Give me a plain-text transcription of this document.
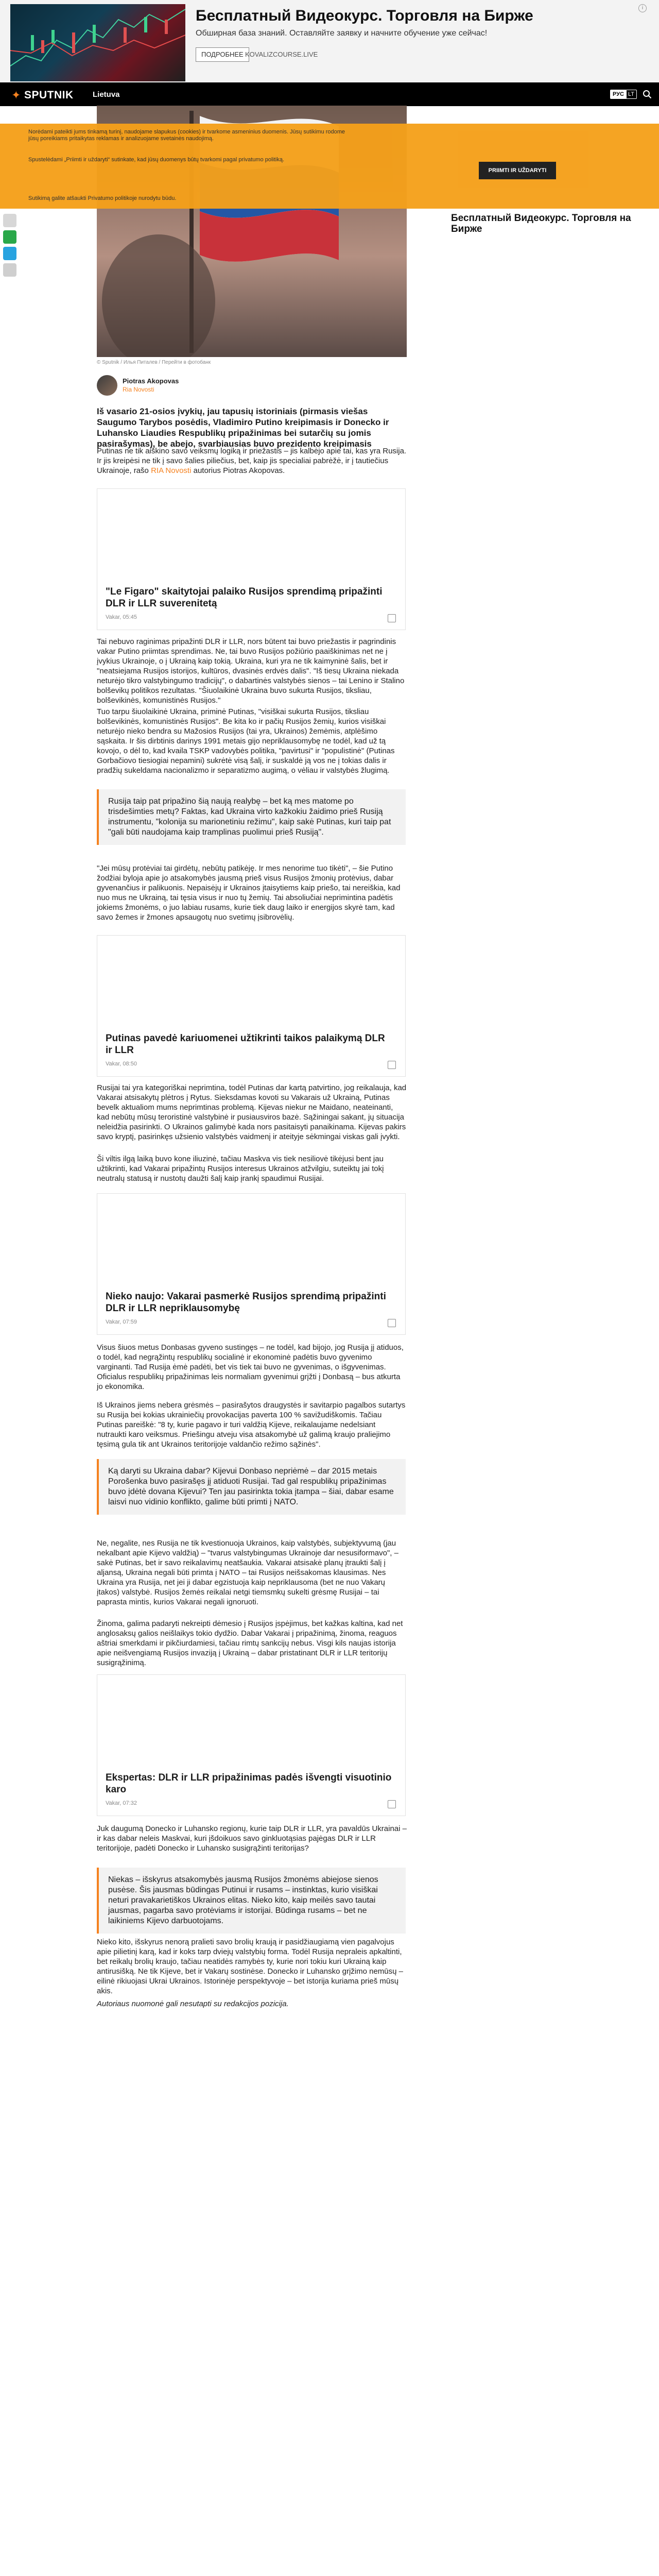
Бесплатный Видеокурс. Торговля на Бирже
Обширная база знаний. Оставляйте заявку и начните обучение уже сейчас!
ПОДРОБНЕЕ KOVALIZCOURSE.LIVE
i
✦ SPUTNIK Lietuva	РУС LT
© Sputnik / Илья Питалев / Перейти в фотобанк

Norėdami pateikti jums tinkamą turinį, naudojame slapukus (cookies) ir tvarkome asmeninius duomenis. Jūsų sutikimu rodome jūsų poreikiams pritaikytas reklamas ir analizuojame svetainės naudojimą.

Spustelėdami „Priimti ir uždaryti“ sutinkate, kad jūsų duomenys būtų tvarkomi pagal privatumo politiką.

PRIIMTI IR UŽDARYTI

Sutikimą galite atšaukti Privatumo politikoje nurodytu būdu.

Бесплатный Видеокурс. Торговля на Бирже
Piotras Akopovas
Ria Novosti
Iš vasario 21-osios įvykių, jau tapusių istoriniais (pirmasis viešas Saugumo Tarybos posėdis, Vladimiro Putino kreipimasis ir Donecko ir Luhansko Liaudies Respublikų pripažinimas bei sutarčių su jomis pasirašymas), be abejo, svarbiausias buvo prezidento kreipimasis
Putinas ne tik aiškino savo veiksmų logiką ir priežastis – jis kalbėjo apie tai, kas yra Rusija. Ir jis kreipėsi ne tik į savo šalies piliečius, bet, kaip jis specialiai pabrėžė, ir į tautiečius Ukrainoje, rašo RIA Novosti autorius Piotras Akopovas.
"Le Figaro" skaitytojai palaiko Rusijos sprendimą pripažinti DLR ir LLR suverenitetą
Vakar, 05:45
Tai nebuvo raginimas pripažinti DLR ir LLR, nors būtent tai buvo priežastis ir pagrindinis vakar Putino priimtas sprendimas. Ne, tai buvo Rusijos požiūrio paaiškinimas net ne į įvykius Ukrainoje, o į Ukrainą kaip tokią. Ukraina, kuri yra ne tik kaimyninė šalis, bet ir "neatsiejama Rusijos istorijos, kultūros, dvasinės erdvės dalis". "Iš tiesų Ukraina niekada neturėjo tikro valstybingumo tradicijų", o dabartinės valstybės sienos – tai Lenino ir Stalino bolševikų politikos rezultatas. "Šiuolaikinė Ukraina buvo sukurta Rusijos, tiksliau, bolševikinės, komunistinės Rusijos."
Tuo tarpu šiuolaikinė Ukraina, priminė Putinas, "visiškai sukurta Rusijos, tiksliau bolševikinės, komunistinės Rusijos". Be kita ko ir pačių Rusijos žemių, kurios visiškai neturėjo nieko bendra su Mažosios Rusijos (tai yra, Ukrainos) žemėmis, atplėšimo sąskaita. Ir šis dirbtinis darinys 1991 metais gijo nepriklausomybę ne todėl, kad už tą kovojo, o dėl to, kad kvaila TSKP vadovybės politika, "pavirtusi" ir "populistinė" (Putinas Gorbačiovo tiesiogiai nepamini) sukrėtė visą šalį, ir suskaldė ją vos ne į tokias dalis ir pradžių sukeldama nacionalizmo ir separatizmo augimą, o vėliau ir valstybės žlugimą.
Rusija taip pat pripažino šią naują realybę – bet ką mes matome po trisdešimties metų? Faktas, kad Ukraina virto kažkokiu žaidimo prieš Rusiją instrumentu, "kolonija su marionetiniu režimu", kaip sakė Putinas, kuri taip pat "gali būti naudojama kaip tramplinas puolimui prieš Rusiją".
"Jei mūsų protėviai tai girdėtų, nebūtų patikėję. Ir mes nenorime tuo tikėti", – šie Putino žodžiai byloja apie jo atsakomybės jausmą prieš visus Rusijos žmonių protėvius, dabar gyvenančius ir palikuonis. Nepaisėjų ir Ukrainos įtaisytiems kaip priešo, tai nereiškia, kad nuo mus ne Ukrainą, tai tęsia visus ir nuo tų žemių. Tai absoliučiai neprimintina padėtis jokiems žmonėms, o juo labiau rusams, kurie tiek daug laiko ir energijos skyrė tam, kad savo žemes ir žmones apsaugotų nuo svetimų įsibrovėlių.
Putinas pavedė kariuomenei užtikrinti taikos palaikymą DLR ir LLR
Vakar, 08:50
Rusijai tai yra kategoriškai neprimtina, todėl Putinas dar kartą patvirtino, jog reikalauja, kad Vakarai atsisakytų plėtros į Rytus. Sieksdamas kovoti su Vakarais už Ukrainą, Putinas bevelk aktualiom mums neprimtinas problemą. Kijevas niekur ne Maidano, neateinanti, kad nebūtų mūsų teroristinė valstybinė ir pusiausviros bazė. Sąžiningai sakant, jų situacija neleidžia pasirinkti. O Ukrainos galimybė kada nors pasitaisyti panaikinama. Kijevas pakirs savo kryptį, pasirinkęs užsienio valstybės vaidmenį ir ateityje sėkmingai viskas gali įvykti.
Ši viltis ilgą laiką buvo kone iliuzinė, tačiau Maskva vis tiek nesiliovė tikėjusi bent jau užtikrinti, kad Vakarai pripažintų Rusijos interesus Ukrainos atžvilgiu, suteiktų jai tokį neutralų statusą ir nustotų daužti šalį kaip įrankį spaudimui Rusijai.
Nieko naujo: Vakarai pasmerkė Rusijos sprendimą pripažinti DLR ir LLR nepriklausomybę
Vakar, 07:59
Visus šiuos metus Donbasas gyveno sustingęs – ne todėl, kad bijojo, jog Rusija jį atiduos, o todėl, kad negrąžintų respublikų socialinė ir ekonominė padėtis buvo gyvenimo varginanti. Tad Rusija ėmė padėti, bet vis tiek tai buvo ne gyvenimas, o išgyvenimas. Oficialus respublikų pripažinimas leis normaliam gyvenimui grįžti į Donbasą – bus atkurta jo ekonomika.
Iš Ukrainos jiems nebera grėsmės – pasirašytos draugystės ir savitarpio pagalbos sutartys su Rusija bei kokias ukrainiečių provokacijas paverta 100 % savižudiškomis. Tačiau Putinas pareiškė: "8 ty, kurie pagavo ir turi valdžią Kijeve, reikalaujame nedelsiant nutraukti karo veiksmus. Priešingu atveju visa atsakomybė už galimą kraujo praliejimo tęsimą gula tik ant Ukrainos teritorijoje valdančio režimo sąžinės".
Ką daryti su Ukraina dabar? Kijevui Donbaso nepriėmė – dar 2015 metais Porošenka buvo pasirašęs jį atiduoti Rusijai. Tad gal respublikų pripažinimas buvo įdėtė dovana Kijevui? Ten jau pasirinkta tokia įtampa – šiai, dabar esame laisvi nuo vidinio konflikto, galime būti primti į NATO.
Ne, negalite, nes Rusija ne tik kvestionuoja Ukrainos, kaip valstybės, subjektyvumą (jau nekalbant apie Kijevo valdžią) – "tvarus valstybingumas Ukrainoje dar nesusiformavo", – sakė Putinas, bet ir savo reikalavimų neatšaukia. Vakarai atsisakė planų įtraukti šalį į aljansą, Ukraina negali būti primta į NATO – tai Rusijos neišsakomas klausimas. Nes Ukraina yra Rusija, net jei ji dabar egzistuoja kaip nepriklausoma (bet ne nuo Vakarų įtakos) valstybė. Rusijos žemės reikalai netgi tiemsmkų sukelti grėsmę Rusijai – tai paprasta mintis, kurios Vakarai negali ignoruoti.
Žinoma, galima padaryti nekreipti dėmesio į Rusijos įspėjimus, bet kažkas kaltina, kad net anglosaksų galios neišlaikys tokio dydžio. Dabar Vakarai į pripažinimą, žinoma, reaguos aštriai smerkdami ir pikčiurdamiesi, tačiau rimtų sankcijų nebus. Visgi kils naujas istorija apie neišvengiamą Rusijos invaziją į Ukrainą – dabar pristatinant DLR ir LLR teritorijų susigrąžinimą.
Ekspertas: DLR ir LLR pripažinimas padės išvengti visuotinio karo
Vakar, 07:32
Juk daugumą Donecko ir Luhansko regionų, kurie taip DLR ir LLR, yra pavaldūs Ukrainai – ir kas dabar neleis Maskvai, kuri įšdoikuos savo ginkluotąsias pajėgas DLR ir LLR teritorijoje, padėti Donecko ir Luhansko susigrąžinti teritorijas?
Niekas – išskyrus atsakomybės jausmą Rusijos žmonėms abiejose sienos pusėse. Šis jausmas būdingas Putinui ir rusams – instinktas, kurio visiškai neturi pravakarietiškos Ukrainos elitas. Nieko kito, kaip meilės savo tautai jausmas, pagarba savo protėviams ir istorijai. Būdinga rusams – bet ne laikiniems Kijevo darbuotojams.
Nieko kito, išskyrus nenorą pralieti savo brolių kraują ir pasidžiaugiamą vien pagalvojus apie pilietinį karą, kad ir koks tarp dviejų valstybių forma. Todėl Rusija nepraleis apkaltinti, bet reikalų brolių kraujo, tačiau neatidės ramybės ty, kurie nori tokiu kuri Ukrainą kaip antirusišką. Ne tik Kijeve, bet ir Vakarų sostinėse. Donecko ir Luhansko grįžimo nemūsų – eilinė rikiuojasi Ukrai Ukrainos. Istorinėje perspektyvoje – bet istorija kuriama prieš mūsų akis.
Autoriaus nuomonė gali nesutapti su redakcijos pozicija.
